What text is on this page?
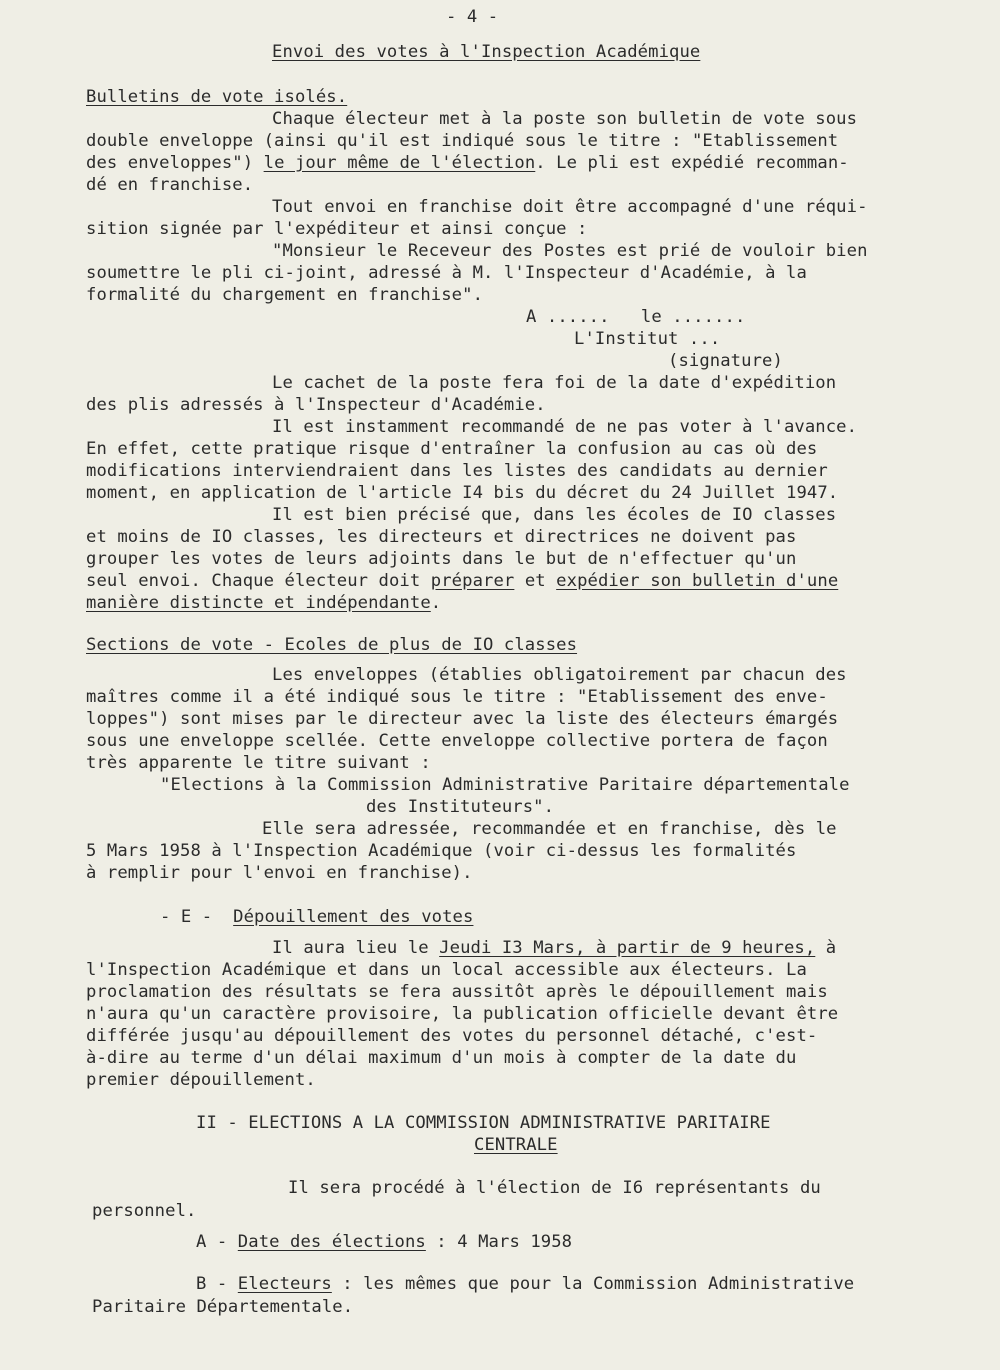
- 4 -
Envoi des votes à l'Inspection Académique
Bulletins de vote isolés.
Chaque électeur met à la poste son bulletin de vote sous
double enveloppe (ainsi qu'il est indiqué sous le titre : "Etablissement
des enveloppes") le jour même de l'élection. Le pli est expédié recomman-
dé en franchise.
Tout envoi en franchise doit être accompagné d'une réqui-
sition signée par l'expéditeur et ainsi conçue :
"Monsieur le Receveur des Postes est prié de vouloir bien
soumettre le pli ci-joint, adressé à M. l'Inspecteur d'Académie, à la
formalité du chargement en franchise".
A ......   le .......
L'Institut ...
(signature)
Le cachet de la poste fera foi de la date d'expédition
des plis adressés à l'Inspecteur d'Académie.
Il est instamment recommandé de ne pas voter à l'avance.
En effet, cette pratique risque d'entraîner la confusion au cas où des
modifications interviendraient dans les listes des candidats au dernier
moment, en application de l'article I4 bis du décret du 24 Juillet 1947.
Il est bien précisé que, dans les écoles de IO classes
et moins de IO classes, les directeurs et directrices ne doivent pas
grouper les votes de leurs adjoints dans le but de n'effectuer qu'un
seul envoi. Chaque électeur doit préparer et expédier son bulletin d'une
manière distincte et indépendante.
Sections de vote - Ecoles de plus de IO classes
Les enveloppes (établies obligatoirement par chacun des
maîtres comme il a été indiqué sous le titre : "Etablissement des enve-
loppes") sont mises par le directeur avec la liste des électeurs émargés
sous une enveloppe scellée. Cette enveloppe collective portera de façon
très apparente le titre suivant :
"Elections à la Commission Administrative Paritaire départementale
des Instituteurs".
Elle sera adressée, recommandée et en franchise, dès le
5 Mars 1958 à l'Inspection Académique (voir ci-dessus les formalités
à remplir pour l'envoi en franchise).
- E -  Dépouillement des votes
Il aura lieu le Jeudi I3 Mars, à partir de 9 heures, à
l'Inspection Académique et dans un local accessible aux électeurs. La
proclamation des résultats se fera aussitôt après le dépouillement mais
n'aura qu'un caractère provisoire, la publication officielle devant être
différée jusqu'au dépouillement des votes du personnel détaché, c'est-
à-dire au terme d'un délai maximum d'un mois à compter de la date du
premier dépouillement.
II - ELECTIONS A LA COMMISSION ADMINISTRATIVE PARITAIRE
CENTRALE
Il sera procédé à l'élection de I6 représentants du
personnel.
A - Date des élections : 4 Mars 1958
B - Electeurs : les mêmes que pour la Commission Administrative
Paritaire Départementale.
